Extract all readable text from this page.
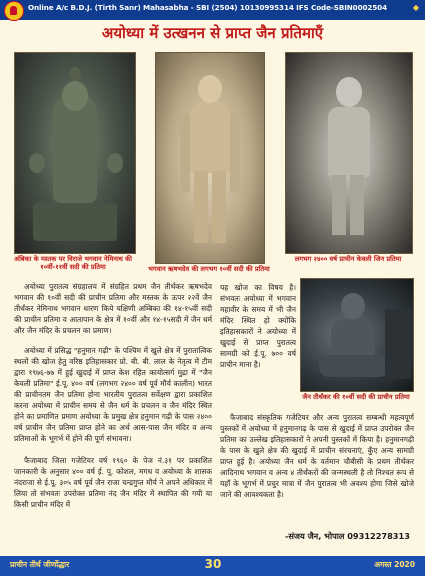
Online A/c B.D.J. (Tirth Sanr) Mahasabha - SBI (2504) 10130995314 IFS Code-SBIN0002504	◆
अयोध्या में उत्खनन से प्राप्त जैन प्रतिमाएँ
अंबिका के मस्तक पर विराजे भगवान नेमिनाथ की १०वीं-११वीं सदी की प्रतिमा	भगवान ऋषभदेव की लगभग १०वीं सदी की प्रतिमा
लगभग २४०० वर्ष प्राचीन केवली जिन प्रतिमा
जैन तीर्थंकर की १०वीं सदी की प्राचीन प्रतिमा

अयोध्या पुरातत्व संग्रहालय में संग्रहित प्रथम जैन तीर्थंकर ऋषभदेव भगवान की १०वीं सदी की प्राचीन प्रतिमा और मस्तक के ऊपर २२वें जैन तीर्थंकर नेमिनाथ भगवान धारण किये यक्षिणी अम्बिका की १४-१५वीं सदी की प्राचीन प्रतिमा व आतापान के क्षेत्र में १०वीं और १४-१५सदी में जैन धर्म और जैन मंदिर के प्रचलन का प्रमाण।

अयोध्या में प्रसिद्ध "हनुमान गढ़ी" के पश्चिम में खुले क्षेत्र में पुरातात्विक स्थलों की खोज हेतु वरिष्ठ इतिहासकार प्रो. बी. बी. लाल के नेतृत्व में टीम द्वारा १९७६-७७ में हुई खुदाई में प्राप्त केश रहित कायोत्सर्ग मुद्रा में "जैन केवली प्रतिमा" ई.पू. ४०० वर्ष (लगभग २४०० वर्ष पूर्व मौर्य कालीन) भारत की प्राचीनतम जैन प्रतिमा होना भारतीय पुरातत्व सर्वेक्षण द्वारा प्रकाशित करना अयोध्या में प्राचीन समय से जैन धर्म के प्रचलन व जैन मंदिर स्थित होने का प्रमाणित प्रमाण अयोध्या के प्रमुख क्षेत्र हनुमान गढ़ी के पास २४०० वर्ष प्राचीन जैन प्रतिमा प्राप्त होने का अर्थ आस-पास जैन मंदिर व अन्य प्रतिमाओं के भूगर्भ में होने की पूर्ण संभावना।

फैजाबाद जिला गजेटियर वर्ष १९६० के पेज नं.३१ पर प्रकाशित जानकारी के अनुसार ४०० वर्ष ई. पू. कोशल, मगध व अयोध्या के शासक नंदराजा से ई.पू. ३०५ वर्ष पूर्व जैन राजा चन्द्रगुप्त मौर्य ने अपने अधिकार में लिया तो संभवतः उपरोक्त प्रतिमा नंद जैन मंदिर में स्थापित की गयी या किसी प्राचीन मंदिर में

यह खोज का विषय है। संभवतः अयोध्या में भगवान महावीर के समय में भी जैन मंदिर स्थित हो क्योंकि इतिहासकारों ने अयोध्या में खुदाई से प्राप्त पुरातत्व सामग्री को ई.पू. ७०० वर्ष प्राचीन माना है।

फैजाबाद संस्कृतिक गजेटियर और अन्य पुरातत्व सम्बन्धी महत्वपूर्ण पुस्तकों में अयोध्या में हनुमानगढ़ के पास से खुदाई में प्राप्त उपरोक्त जैन प्रतिमा का उल्लेख इतिहासकारों ने अपनी पुस्तकों में किया है। हनुमानगढ़ी के पास के खुले क्षेत्र की खुदाई में प्राचीन संरचनाएं, कुँए अन्य सामग्री प्राप्त हुई है। अयोध्या जैन धर्म के वर्तमान चौबीसी के प्रथम तीर्थंकर आदिनाथ भगवान व अन्य ४ तीर्थंकरों की जन्मस्थली है तो निश्चत रूप से यहाँ के भूगर्भ में प्रचुर मात्रा में जैन पुरातत्व भी अवश्य होगा जिसे खोजे जाने की आवश्यकता है।

-संजय जैन, भोपाल 09312278313
प्राचीन तीर्थ जीर्णोद्धार	30	अगस्त 2020
